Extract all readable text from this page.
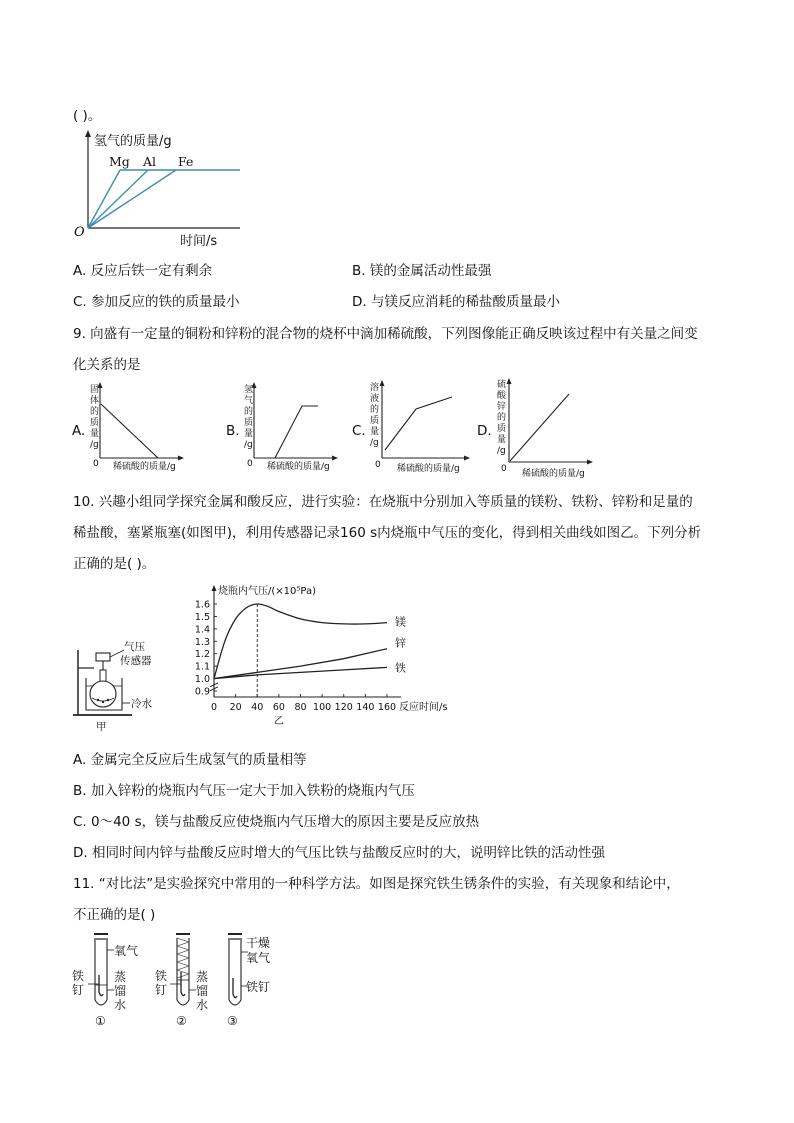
( )。
氢气的质量/g
时间/s
O
Mg Al Fe
A. 反应后铁一定有剩余	B. 镁的金属活动性最强
C. 参加反应的铁的质量最小	D. 与镁反应消耗的稀盐酸质量最小
9. 向盛有一定量的铜粉和锌粉的混合物的烧杯中滴加稀硫酸，下列图像能正确反映该过程中有关量之间变
化关系的是
A.
固
体
的
质
量
/g
0 稀硫酸的质量/g
B.
氢
气
的
质
量
/g
0 稀硫酸的质量/g
C.
溶
液
的
质
量
/g
0 稀硫酸的质量/g
D.
硫
酸
锌
的
质
量
/g
0 稀硫酸的质量/g
10. 兴趣小组同学探究金属和酸反应，进行实验：在烧瓶中分别加入等质量的镁粉、铁粉、锌粉和足量的
稀盐酸，塞紧瓶塞(如图甲)，利用传感器记录160 s内烧瓶中气压的变化，得到相关曲线如图乙。下列分析
正确的是( )。
气压
传感器
冷水
甲
0.9
1.0
1.1
1.2
1.3
1.4
1.5
1.6
0 20 40 60 80 100 120 140 160
烧瓶内气压/(×10⁵Pa)
反应时间/s
乙
镁
锌
铁
A. 金属完全反应后生成氢气的质量相等
B. 加入锌粉的烧瓶内气压一定大于加入铁粉的烧瓶内气压
C. 0～40 s，镁与盐酸反应使烧瓶内气压增大的原因主要是反应放热
D. 相同时间内锌与盐酸反应时增大的气压比铁与盐酸反应时的大，说明锌比铁的活动性强
11. “对比法”是实验探究中常用的一种科学方法。如图是探究铁生锈条件的实验，有关现象和结论中，
不正确的是( )
氧气
铁
钉
蒸
馏
水
①
铁
钉
蒸
馏
水
②
干燥
氧气
铁钉
③
